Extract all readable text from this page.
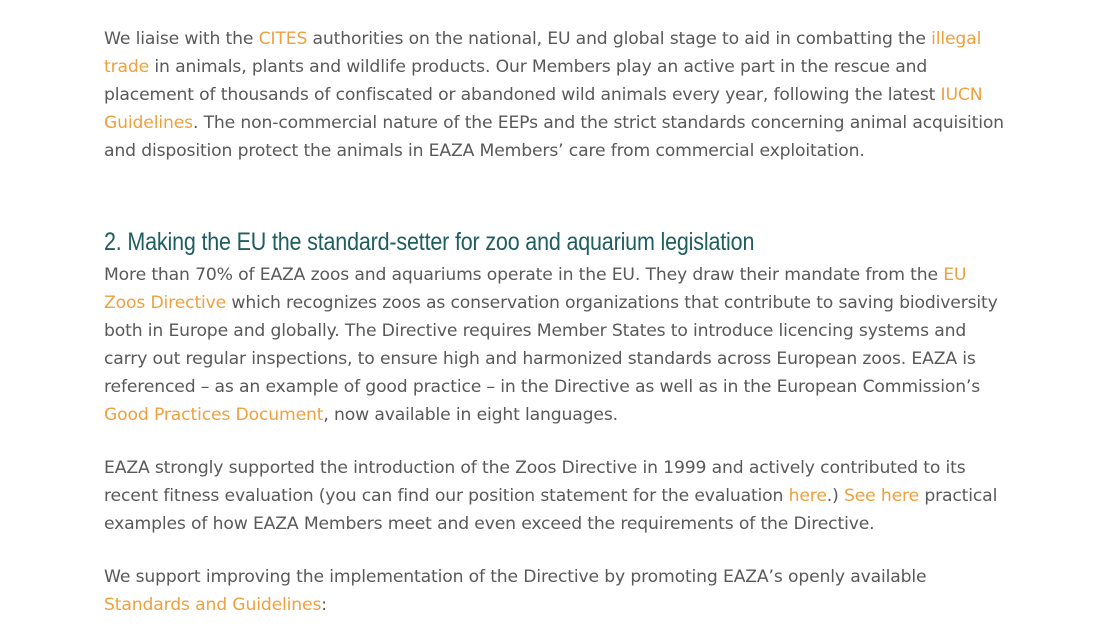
We liaise with the CITES authorities on the national, EU and global stage to aid in combatting the illegal trade in animals, plants and wildlife products. Our Members play an active part in the rescue and placement of thousands of confiscated or abandoned wild animals every year, following the latest IUCN Guidelines. The non-commercial nature of the EEPs and the strict standards concerning animal acquisition and disposition protect the animals in EAZA Members’ care from commercial exploitation.

2. Making the EU the standard-setter for zoo and aquarium legislation

More than 70% of EAZA zoos and aquariums operate in the EU. They draw their mandate from the EU Zoos Directive which recognizes zoos as conservation organizations that contribute to saving biodiversity both in Europe and globally. The Directive requires Member States to introduce licencing systems and carry out regular inspections, to ensure high and harmonized standards across European zoos. EAZA is referenced – as an example of good practice – in the Directive as well as in the European Commission’s Good Practices Document, now available in eight languages.

EAZA strongly supported the introduction of the Zoos Directive in 1999 and actively contributed to its recent fitness evaluation (you can find our position statement for the evaluation here.) See here practical examples of how EAZA Members meet and even exceed the requirements of the Directive.

We support improving the implementation of the Directive by promoting EAZA’s openly available Standards and Guidelines:
